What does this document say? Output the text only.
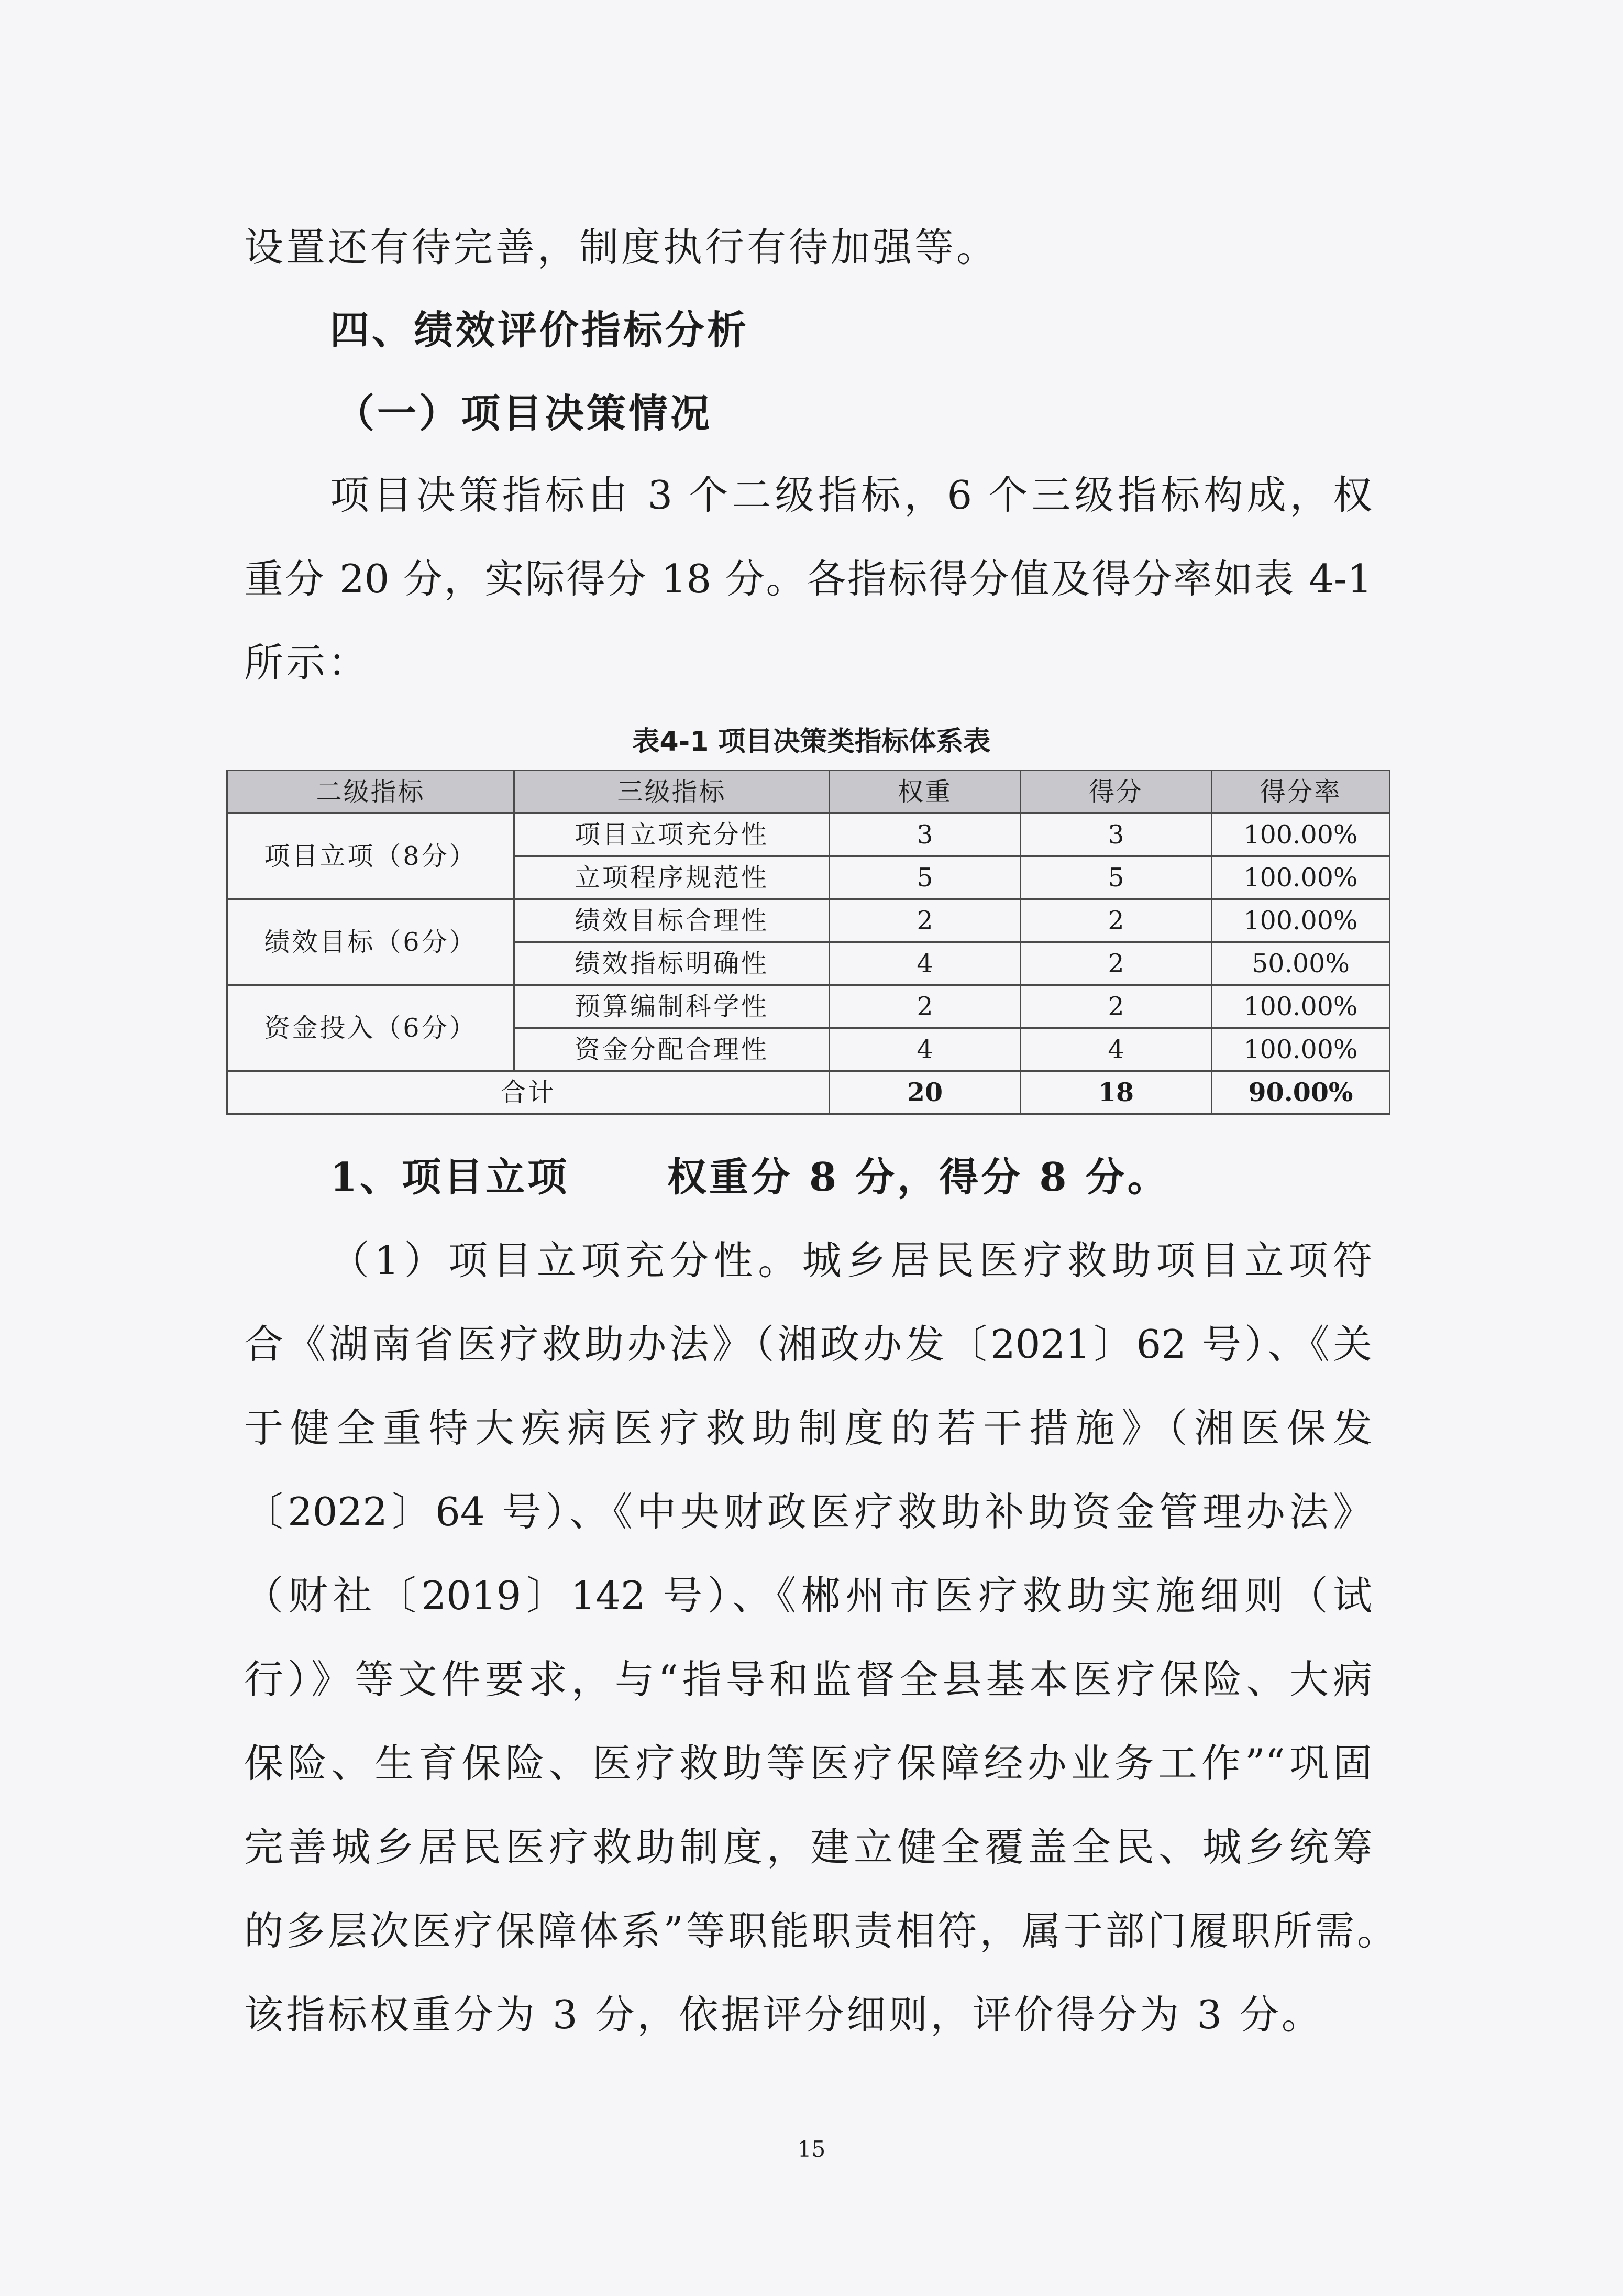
设置还有待完善，制度执行有待加强等。
四、绩效评价指标分析
（一）项目决策情况
项目决策指标由 3 个二级指标，6 个三级指标构成，权
重分 20 分，实际得分 18 分。各指标得分值及得分率如表 4-1
所示：
表4-1 项目决策类指标体系表
二级指标	三级指标	权重	得分	得分率
项目立项（8分）	项目立项充分性	3	3	100.00%
	立项程序规范性	5	5	100.00%
绩效目标（6分）	绩效目标合理性	2	2	100.00%
	绩效指标明确性	4	2	50.00%
资金投入（6分）	预算编制科学性	2	2	100.00%
	资金分配合理性	4	4	100.00%
合计		20	18	90.00%
1、项目立项      权重分 8 分，得分 8 分。
（1）项目立项充分性。城乡居民医疗救助项目立项符
合《湖南省医疗救助办法》（湘政办发〔2021〕62 号）、《关
于健全重特大疾病医疗救助制度的若干措施》（湘医保发
〔2022〕64 号）、《中央财政医疗救助补助资金管理办法》
（财社〔2019〕142 号）、《郴州市医疗救助实施细则（试
行）》等文件要求，与“指导和监督全县基本医疗保险、大病
保险、生育保险、医疗救助等医疗保障经办业务工作”“巩固
完善城乡居民医疗救助制度，建立健全覆盖全民、城乡统筹
的多层次医疗保障体系”等职能职责相符，属于部门履职所需。
该指标权重分为 3 分，依据评分细则，评价得分为 3 分。
15
